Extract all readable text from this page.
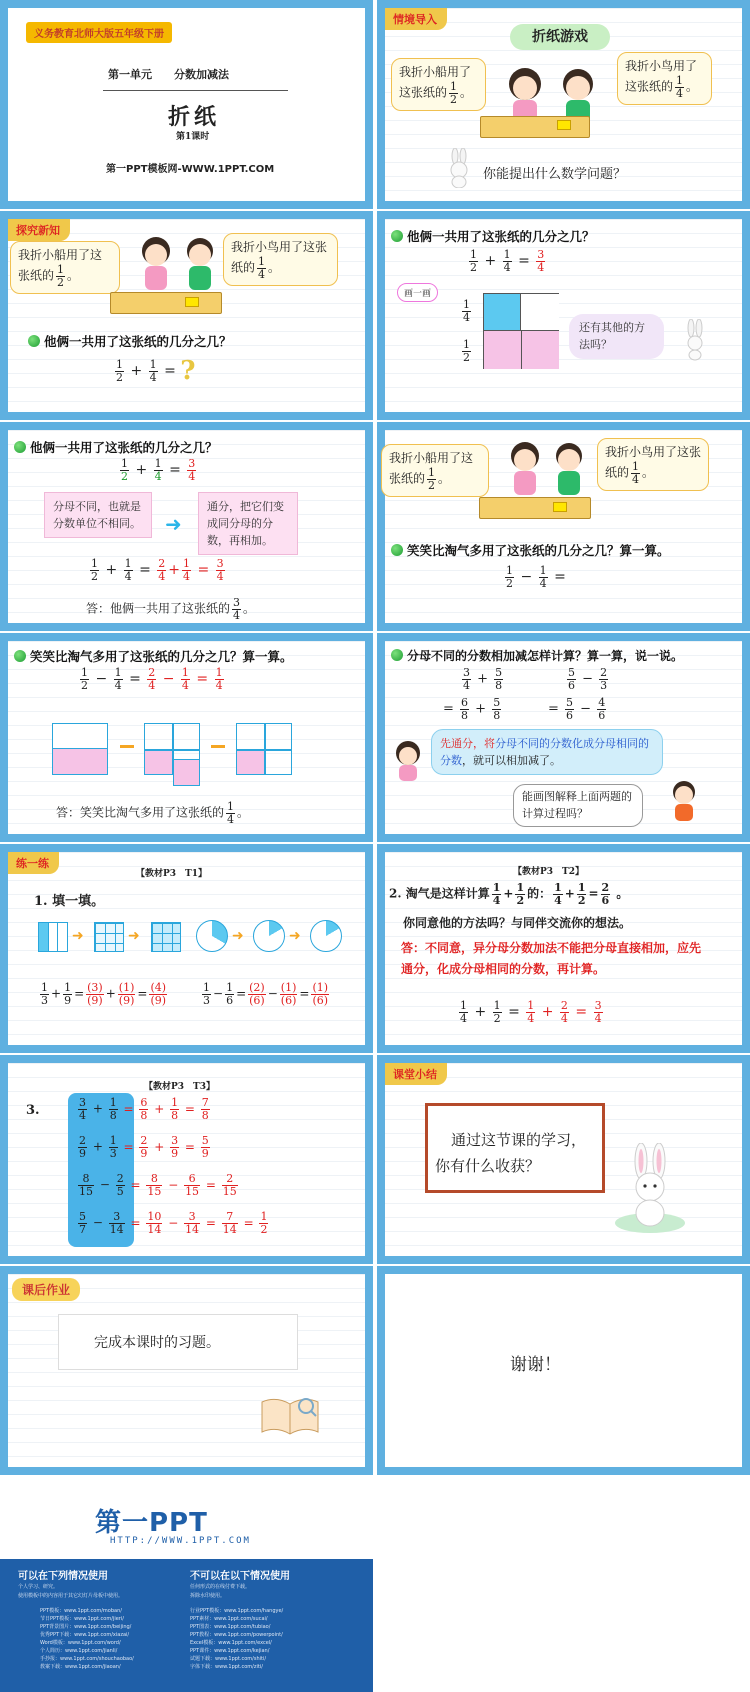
义务教育北师大版五年级下册
第一单元　　分数加减法
折纸
第1课时
第一PPT模板网-WWW.1PPT.COM
情境导入
折纸游戏
我折小船用了这张纸的 $\frac{1}{2}$ 。
我折小鸟用了这张纸的 $\frac{1}{4}$ 。
你能提出什么数学问题？
探究新知
我折小船用了这张纸的 $\frac{1}{2}$ 。
我折小鸟用了这张纸的 $\frac{1}{4}$ 。
他俩一共用了这张纸的几分之几？
$\frac{1}{2} + \frac{1}{4}$ = ?
他俩一共用了这张纸的几分之几？
$\frac{1}{2} + \frac{1}{4} = \frac{3}{4}$
画一画
$\frac{1}{4}$
$\frac{1}{2}$
还有其他的方法吗？
他俩一共用了这张纸的几分之几？
$\frac{1}{2} + \frac{1}{4} = \frac{3}{4}$
分母不同，也就是分数单位不相同。	➜
通分，把它们变成同分母的分数，再相加。
$\frac{1}{2} + \frac{1}{4} = \frac{2}{4} + \frac{1}{4} = \frac{3}{4}$
答：他俩一共用了这张纸的 $\frac{3}{4}$ 。
我折小船用了这张纸的 $\frac{1}{2}$ 。
我折小鸟用了这张纸的 $\frac{1}{4}$ 。
笑笑比淘气多用了这张纸的几分之几？算一算。
$\frac{1}{2} - \frac{1}{4}$ =
笑笑比淘气多用了这张纸的几分之几？算一算。
$\frac{1}{2} - \frac{1}{4} = \frac{2}{4} - \frac{1}{4} = \frac{1}{4}$
答：笑笑比淘气多用了这张纸的 $\frac{1}{4}$ 。
分母不同的分数相加减怎样计算？算一算，说一说。
$\frac{3}{4} + \frac{5}{8}$	$\frac{5}{6} - \frac{2}{3}$
= $\frac{6}{8} + \frac{5}{8}$	= $\frac{5}{6} - \frac{4}{6}$
先通分，将分母不同的分数化成分母相同的分数，就可以相加减了。
能画图解释上面两题的计算过程吗？
练一练
【教材P3　T1】
1. 填一填。
➜	➜	➜	➜
$\frac{1}{3} + \frac{1}{9} = \frac{(3)}{(9)} + \frac{(1)}{(9)} = \frac{(4)}{(9)}$	$\frac{1}{3} - \frac{1}{6} = \frac{(2)}{(6)} - \frac{(1)}{(6)} = \frac{(1)}{(6)}$
【教材P3　T2】
2. 淘气是这样计算 $\frac{1}{4} + \frac{1}{2}$ 的： $\frac{1}{4} + \frac{1}{2} = \frac{2}{6}$ 。
你同意他的方法吗？与同伴交流你的想法。
答：不同意，异分母分数加法不能把分母直接相加，应先通分，化成分母相同的分数，再计算。
$\frac{1}{4} + \frac{1}{2} = \frac{1}{4} + \frac{2}{4} = \frac{3}{4}$
【教材P3　T3】
3.	$\frac{3}{4} + \frac{1}{8} = \frac{6}{8} + \frac{1}{8} = \frac{7}{8}$
$\frac{2}{9} + \frac{1}{3} = \frac{2}{9} + \frac{3}{9} = \frac{5}{9}$
$\frac{8}{15} - \frac{2}{5} = \frac{8}{15} - \frac{6}{15} = \frac{2}{15}$
$\frac{5}{7} - \frac{3}{14} = \frac{10}{14} - \frac{3}{14} = \frac{7}{14} = \frac{1}{2}$
课堂小结
通过这节课的学习，
你有什么收获？
课后作业
完成本课时的习题。
谢谢！
第一PPT
HTTP://WWW.1PPT.COM
可以在下列情况使用	不可以在以下情况使用
个人学习、研究。
使用模板中的内容用于其它幻灯片母板中使用。
任何形式的在线付费下载。
拆除水印使用。
PPT模板：www.1ppt.com/moban/
节日PPT模板：www.1ppt.com/jieri/
PPT背景图片：www.1ppt.com/beijing/
优秀PPT下载：www.1ppt.com/xiazai/
Word模板：www.1ppt.com/word/
个人简历：www.1ppt.com/jianli/
手抄报：www.1ppt.com/shouchaobao/
教案下载：www.1ppt.com/jiaoan/
行业PPT模板：www.1ppt.com/hangye/
PPT素材：www.1ppt.com/sucai/
PPT图表：www.1ppt.com/tubiao/
PPT教程：www.1ppt.com/powerpoint/
Excel模板：www.1ppt.com/excel/
PPT课件：www.1ppt.com/kejian/
试题下载：www.1ppt.com/shiti/
字体下载：www.1ppt.com/ziti/
